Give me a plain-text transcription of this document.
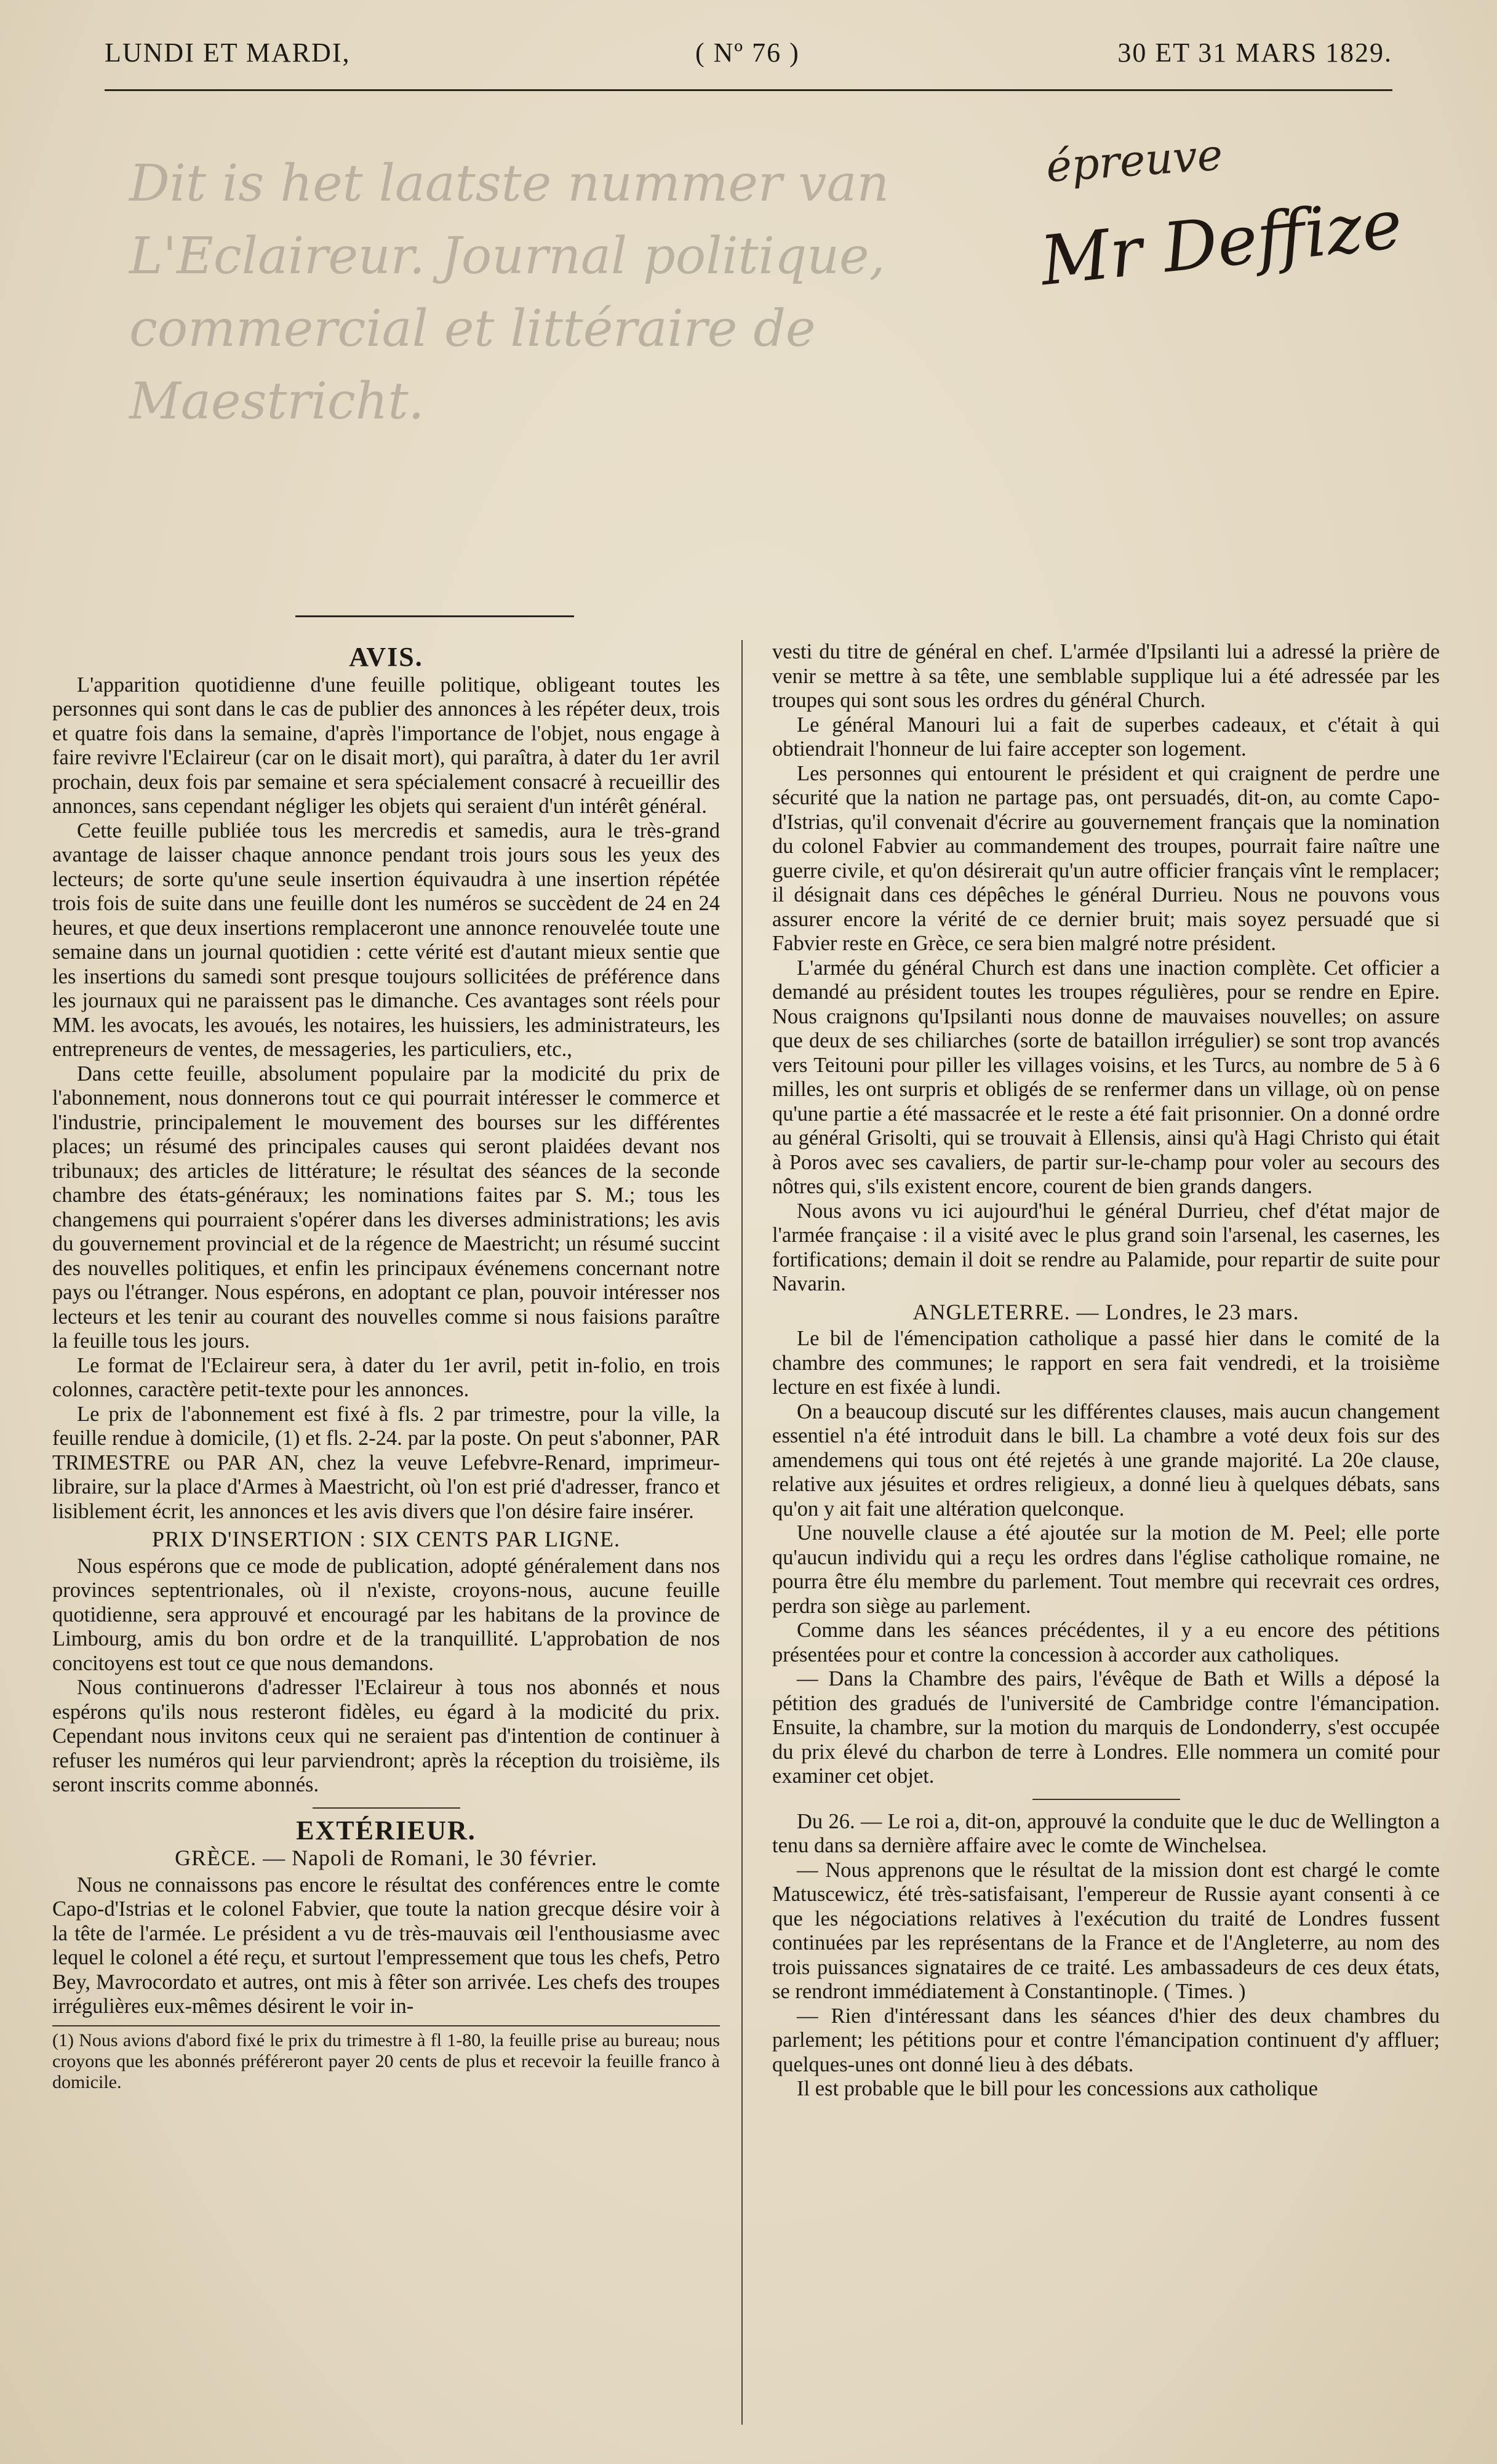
LUNDI ET MARDI,	( Nº 76 )	30 ET 31 MARS 1829.
Dit is het laatste nummer van L'Eclaireur. Journal politique, commercial et littéraire de Maestricht.
épreuve
Mr Deffize
AVIS.

L'apparition quotidienne d'une feuille politique, obligeant toutes les personnes qui sont dans le cas de publier des annonces à les répéter deux, trois et quatre fois dans la semaine, d'après l'importance de l'objet, nous engage à faire revivre l'Eclaireur (car on le disait mort), qui paraîtra, à dater du 1er avril prochain, deux fois par semaine et sera spécialement consacré à recueillir des annonces, sans cependant négliger les objets qui seraient d'un intérêt général.

Cette feuille publiée tous les mercredis et samedis, aura le très-grand avantage de laisser chaque annonce pendant trois jours sous les yeux des lecteurs; de sorte qu'une seule insertion équivaudra à une insertion répétée trois fois de suite dans une feuille dont les numéros se succèdent de 24 en 24 heures, et que deux insertions remplaceront une annonce renouvelée toute une semaine dans un journal quotidien : cette vérité est d'autant mieux sentie que les insertions du samedi sont presque toujours sollicitées de préférence dans les journaux qui ne paraissent pas le dimanche. Ces avantages sont réels pour MM. les avocats, les avoués, les notaires, les huissiers, les administrateurs, les entrepreneurs de ventes, de messageries, les particuliers, etc.,

Dans cette feuille, absolument populaire par la modicité du prix de l'abonnement, nous donnerons tout ce qui pourrait intéresser le commerce et l'industrie, principalement le mouvement des bourses sur les différentes places; un résumé des principales causes qui seront plaidées devant nos tribunaux; des articles de littérature; le résultat des séances de la seconde chambre des états-généraux; les nominations faites par S. M.; tous les changemens qui pourraient s'opérer dans les diverses administrations; les avis du gouvernement provincial et de la régence de Maestricht; un résumé succint des nouvelles politiques, et enfin les principaux événemens concernant notre pays ou l'étranger. Nous espérons, en adoptant ce plan, pouvoir intéresser nos lecteurs et les tenir au courant des nouvelles comme si nous faisions paraître la feuille tous les jours.

Le format de l'Eclaireur sera, à dater du 1er avril, petit in-folio, en trois colonnes, caractère petit-texte pour les annonces.

Le prix de l'abonnement est fixé à fls. 2 par trimestre, pour la ville, la feuille rendue à domicile, (1) et fls. 2-24. par la poste. On peut s'abonner, PAR TRIMESTRE ou PAR AN, chez la veuve Lefebvre-Renard, imprimeur-libraire, sur la place d'Armes à Maestricht, où l'on est prié d'adresser, franco et lisiblement écrit, les annonces et les avis divers que l'on désire faire insérer.

PRIX D'INSERTION : SIX CENTS PAR LIGNE.

Nous espérons que ce mode de publication, adopté généralement dans nos provinces septentrionales, où il n'existe, croyons-nous, aucune feuille quotidienne, sera approuvé et encouragé par les habitans de la province de Limbourg, amis du bon ordre et de la tranquillité. L'approbation de nos concitoyens est tout ce que nous demandons.

Nous continuerons d'adresser l'Eclaireur à tous nos abonnés et nous espérons qu'ils nous resteront fidèles, eu égard à la modicité du prix. Cependant nous invitons ceux qui ne seraient pas d'intention de continuer à refuser les numéros qui leur parviendront; après la réception du troisième, ils seront inscrits comme abonnés.

EXTÉRIEUR.
GRÈCE. — Napoli de Romani, le 30 février.

Nous ne connaissons pas encore le résultat des conférences entre le comte Capo-d'Istrias et le colonel Fabvier, que toute la nation grecque désire voir à la tête de l'armée. Le président a vu de très-mauvais œil l'enthousiasme avec lequel le colonel a été reçu, et surtout l'empressement que tous les chefs, Petro Bey, Mavrocordato et autres, ont mis à fêter son arrivée. Les chefs des troupes irrégulières eux-mêmes désirent le voir in-

(1) Nous avions d'abord fixé le prix du trimestre à fl 1-80, la feuille prise au bureau; nous croyons que les abonnés préféreront payer 20 cents de plus et recevoir la feuille franco à domicile.

vesti du titre de général en chef. L'armée d'Ipsilanti lui a adressé la prière de venir se mettre à sa tête, une semblable supplique lui a été adressée par les troupes qui sont sous les ordres du général Church.

Le général Manouri lui a fait de superbes cadeaux, et c'était à qui obtiendrait l'honneur de lui faire accepter son logement.

Les personnes qui entourent le président et qui craignent de perdre une sécurité que la nation ne partage pas, ont persuadés, dit-on, au comte Capo-d'Istrias, qu'il convenait d'écrire au gouvernement français que la nomination du colonel Fabvier au commandement des troupes, pourrait faire naître une guerre civile, et qu'on désirerait qu'un autre officier français vînt le remplacer; il désignait dans ces dépêches le général Durrieu. Nous ne pouvons vous assurer encore la vérité de ce dernier bruit; mais soyez persuadé que si Fabvier reste en Grèce, ce sera bien malgré notre président.

L'armée du général Church est dans une inaction complète. Cet officier a demandé au président toutes les troupes régulières, pour se rendre en Epire. Nous craignons qu'Ipsilanti nous donne de mauvaises nouvelles; on assure que deux de ses chiliarches (sorte de bataillon irrégulier) se sont trop avancés vers Teitouni pour piller les villages voisins, et les Turcs, au nombre de 5 à 6 milles, les ont surpris et obligés de se renfermer dans un village, où on pense qu'une partie a été massacrée et le reste a été fait prisonnier. On a donné ordre au général Grisolti, qui se trouvait à Ellensis, ainsi qu'à Hagi Christo qui était à Poros avec ses cavaliers, de partir sur-le-champ pour voler au secours des nôtres qui, s'ils existent encore, courent de bien grands dangers.

Nous avons vu ici aujourd'hui le général Durrieu, chef d'état major de l'armée française : il a visité avec le plus grand soin l'arsenal, les casernes, les fortifications; demain il doit se rendre au Palamide, pour repartir de suite pour Navarin.

ANGLETERRE. — Londres, le 23 mars.

Le bil de l'émencipation catholique a passé hier dans le comité de la chambre des communes; le rapport en sera fait vendredi, et la troisième lecture en est fixée à lundi.

On a beaucoup discuté sur les différentes clauses, mais aucun changement essentiel n'a été introduit dans le bill. La chambre a voté deux fois sur des amendemens qui tous ont été rejetés à une grande majorité. La 20e clause, relative aux jésuites et ordres religieux, a donné lieu à quelques débats, sans qu'on y ait fait une altération quelconque.

Une nouvelle clause a été ajoutée sur la motion de M. Peel; elle porte qu'aucun individu qui a reçu les ordres dans l'église catholique romaine, ne pourra être élu membre du parlement. Tout membre qui recevrait ces ordres, perdra son siège au parlement.

Comme dans les séances précédentes, il y a eu encore des pétitions présentées pour et contre la concession à accorder aux catholiques.

— Dans la Chambre des pairs, l'évêque de Bath et Wills a déposé la pétition des gradués de l'université de Cambridge contre l'émancipation. Ensuite, la chambre, sur la motion du marquis de Londonderry, s'est occupée du prix élevé du charbon de terre à Londres. Elle nommera un comité pour examiner cet objet.

Du 26. — Le roi a, dit-on, approuvé la conduite que le duc de Wellington a tenu dans sa dernière affaire avec le comte de Winchelsea.

— Nous apprenons que le résultat de la mission dont est chargé le comte Matuscewicz, été très-satisfaisant, l'empereur de Russie ayant consenti à ce que les négociations relatives à l'exécution du traité de Londres fussent continuées par les représentans de la France et de l'Angleterre, au nom des trois puissances signataires de ce traité. Les ambassadeurs de ces deux états, se rendront immédiatement à Constantinople. ( Times. )

— Rien d'intéressant dans les séances d'hier des deux chambres du parlement; les pétitions pour et contre l'émancipation continuent d'y affluer; quelques-unes ont donné lieu à des débats.

Il est probable que le bill pour les concessions aux catholique
